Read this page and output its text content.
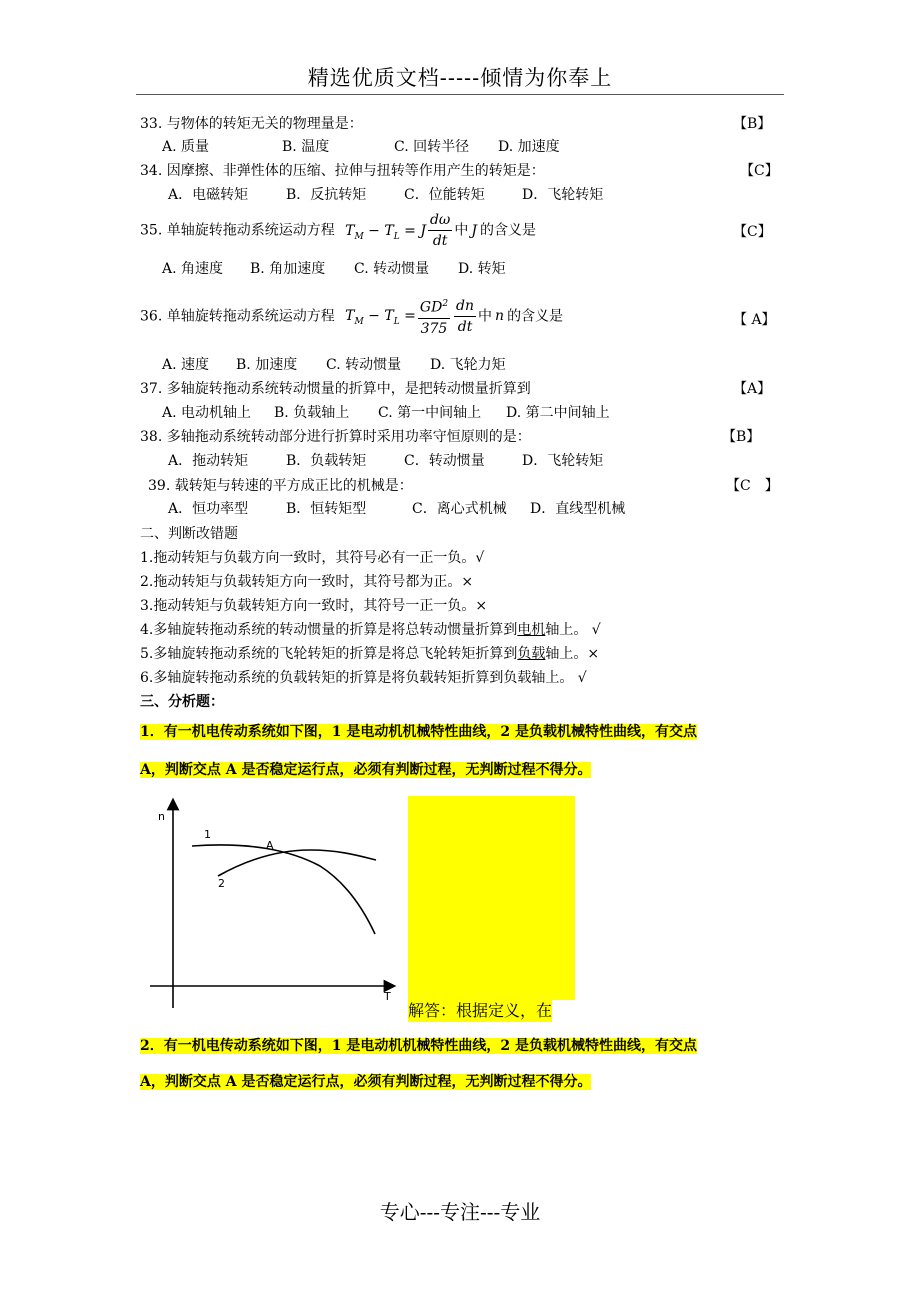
精选优质文档-----倾情为你奉上
33. 与物体的转矩无关的物理量是：	【B】
A. 质量	B. 温度	C. 回转半径 D. 加速度
34. 因摩擦、非弹性体的压缩、拉伸与扭转等作用产生的转矩是：	【C】
A．电磁转矩	B．反抗转矩	C．位能转矩	D．飞轮转矩
35. 单轴旋转拖动系统运动方程 $T_M - T_L = J \frac{d\omega}{dt}$ 中 J 的含义是	【C】
A. 角速度 B. 角加速度 C. 转动惯量 D. 转矩
36. 单轴旋转拖动系统运动方程 $T_M - T_L = \frac{GD^2}{375} \frac{dn}{dt}$ 中 n 的含义是	【 A】
A. 速度 B. 加速度 C. 转动惯量 D. 飞轮力矩
37. 多轴旋转拖动系统转动惯量的折算中，是把转动惯量折算到	【A】
A. 电动机轴上 B. 负载轴上 C. 第一中间轴上 D. 第二中间轴上
38. 多轴拖动系统转动部分进行折算时采用功率守恒原则的是：	【B】
A．拖动转矩	B．负载转矩	C．转动惯量	D．飞轮转矩
39. 载转矩与转速的平方成正比的机械是：	【C　】
A．恒功率型	B．恒转矩型	C．离心式机械 D．直线型机械
二、判断改错题
1.拖动转矩与负载方向一致时，其符号必有一正一负。√
2.拖动转矩与负载转矩方向一致时，其符号都为正。×
3.拖动转矩与负载转矩方向一致时，其符号一正一负。×
4.多轴旋转拖动系统的转动惯量的折算是将总转动惯量折算到电机轴上。 √
5.多轴旋转拖动系统的飞轮转矩的折算是将总飞轮转矩折算到负载轴上。×
6.多轴旋转拖动系统的负载转矩的折算是将负载转矩折算到负载轴上。 √
三、分析题：
1．有一机电传动系统如下图，1 是电动机机械特性曲线，2 是负载机械特性曲线，有交点
A，判断交点 A 是否稳定运行点，必须有判断过程，无判断过程不得分。
n
T
1
2
A
解答：根据定义，在
2．有一机电传动系统如下图，1 是电动机机械特性曲线，2 是负载机械特性曲线，有交点
A，判断交点 A 是否稳定运行点，必须有判断过程，无判断过程不得分。
专心---专注---专业
